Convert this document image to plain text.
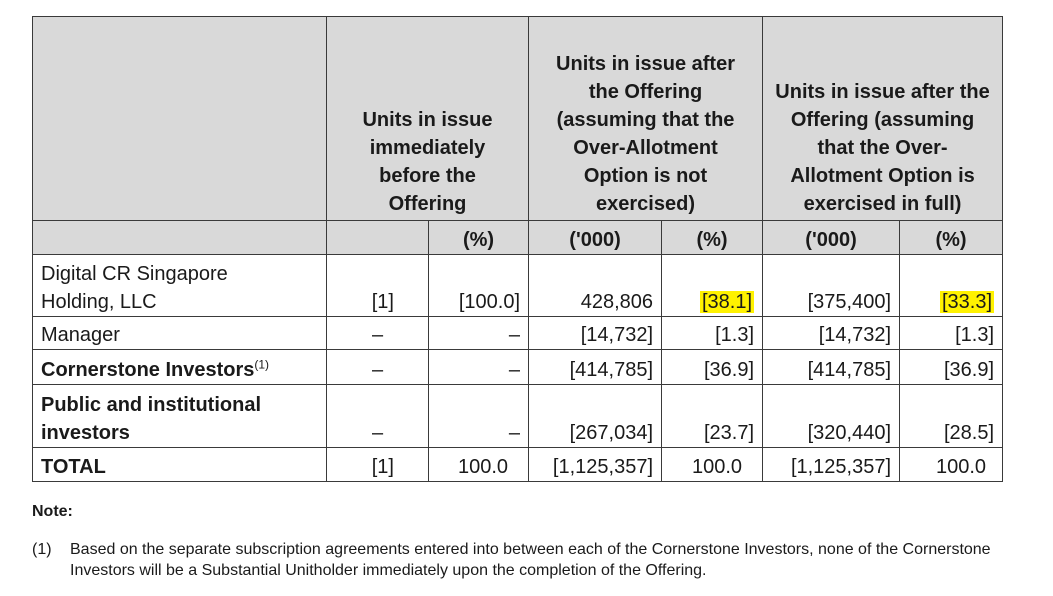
	Units in issue immediately before the Offering		Units in issue after the Offering (assuming that the Over-Allotment Option is not exercised)		Units in issue after the Offering (assuming that the Over-Allotment Option is exercised in full)	
		(%)	('000)	(%)	('000)	(%)
Digital CR Singapore Holding, LLC	[1]	[100.0]	428,806	[38.1]	[375,400]	[33.3]
Manager	–	–	[14,732]	[1.3]	[14,732]	[1.3]
Cornerstone Investors$^{(1)}$	–	–	[414,785]	[36.9]	[414,785]	[36.9]
Public and institutional investors	–	–	[267,034]	[23.7]	[320,440]	[28.5]
TOTAL	[1]	100.0	[1,125,357]	100.0	[1,125,357]	100.0
Note:
(1) Based on the separate subscription agreements entered into between each of the Cornerstone Investors, none of the Cornerstone Investors will be a Substantial Unitholder immediately upon the completion of the Offering.
